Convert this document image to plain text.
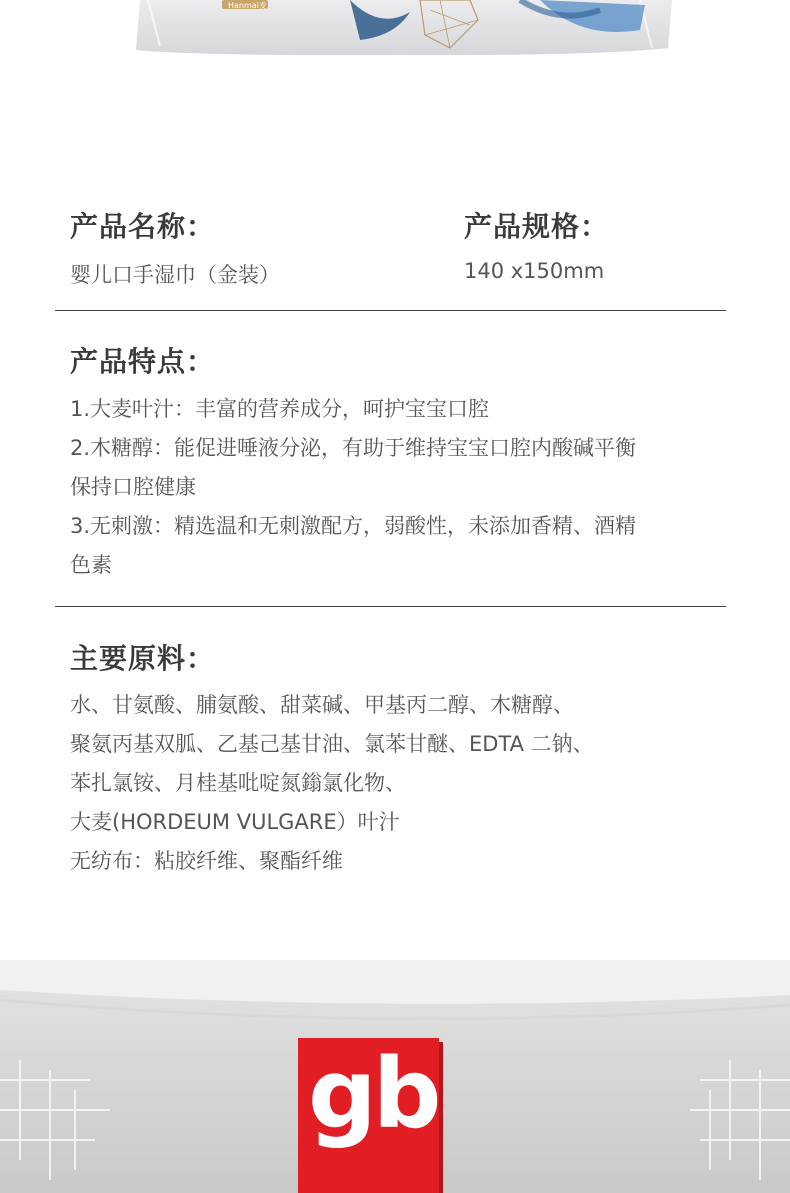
Hanmai麦
产品名称：
婴儿口手湿巾（金装）
产品规格：
140 x150mm
产品特点：
1.大麦叶汁：丰富的营养成分，呵护宝宝口腔
2.木糖醇：能促进唾液分泌，有助于维持宝宝口腔内酸碱平衡
保持口腔健康
3.无刺激：精选温和无刺激配方，弱酸性，未添加香精、酒精
色素
主要原料：
水、甘氨酸、脯氨酸、甜菜碱、甲基丙二醇、木糖醇、
聚氨丙基双胍、乙基己基甘油、氯苯甘醚、EDTA 二钠、
苯扎氯铵、月桂基吡啶氮鎓氯化物、
大麦(HORDEUM VULGARE）叶汁
无纺布：粘胶纤维、聚酯纤维
gb
